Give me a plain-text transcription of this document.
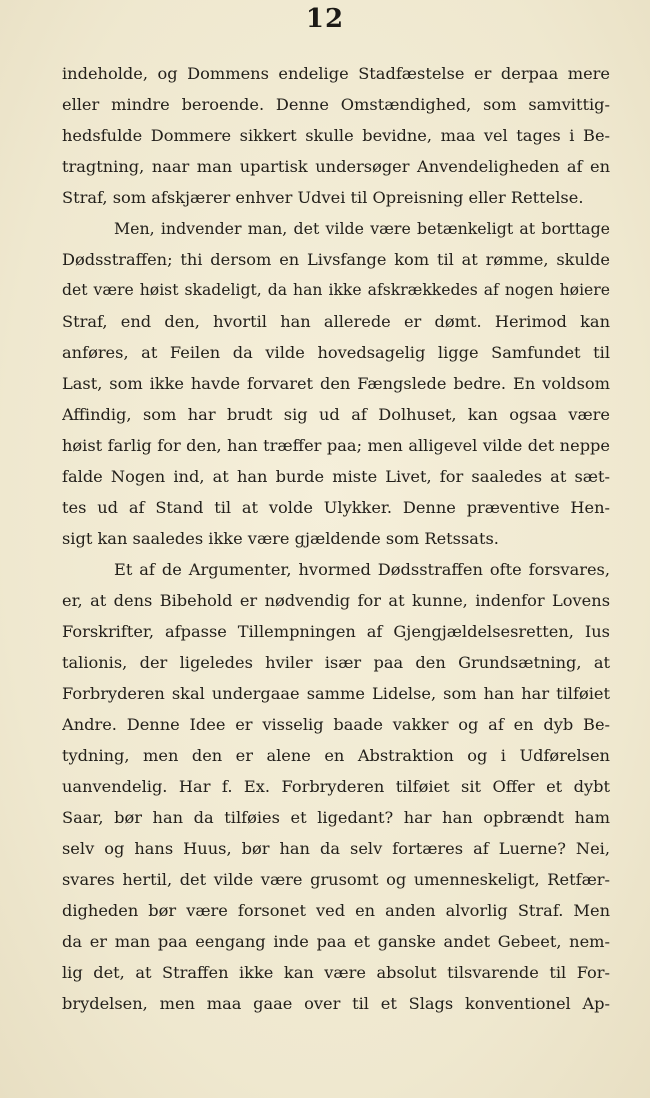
12
indeholde, og Dommens endelige Stadfæstelse er derpaa mere
eller mindre beroende. Denne Omstændighed, som samvittig-
hedsfulde Dommere sikkert skulle bevidne, maa vel tages i Be-
tragtning, naar man upartisk undersøger Anvendeligheden af en
Straf, som afskjærer enhver Udvei til Opreisning eller Rettelse.
Men, indvender man, det vilde være betænkeligt at borttage
Dødsstraffen; thi dersom en Livsfange kom til at rømme, skulde
det være høist skadeligt, da han ikke afskrækkedes af nogen høiere
Straf, end den, hvortil han allerede er dømt. Herimod kan
anføres, at Feilen da vilde hovedsagelig ligge Samfundet til
Last, som ikke havde forvaret den Fængslede bedre. En voldsom
Affindig, som har brudt sig ud af Dolhuset, kan ogsaa være
høist farlig for den, han træffer paa; men alligevel vilde det neppe
falde Nogen ind, at han burde miste Livet, for saaledes at sæt-
tes ud af Stand til at volde Ulykker. Denne præventive Hen-
sigt kan saaledes ikke være gjældende som Retssats.
Et af de Argumenter, hvormed Dødsstraffen ofte forsvares,
er, at dens Bibehold er nødvendig for at kunne, indenfor Lovens
Forskrifter, afpasse Tillempningen af Gjengjældelsesretten, Ius
talionis, der ligeledes hviler især paa den Grundsætning, at
Forbryderen skal undergaae samme Lidelse, som han har tilføiet
Andre. Denne Idee er visselig baade vakker og af en dyb Be-
tydning, men den er alene en Abstraktion og i Udførelsen
uanvendelig. Har f. Ex. Forbryderen tilføiet sit Offer et dybt
Saar, bør han da tilføies et ligedant? har han opbrændt ham
selv og hans Huus, bør han da selv fortæres af Luerne? Nei,
svares hertil, det vilde være grusomt og umenneskeligt, Retfær-
digheden bør være forsonet ved en anden alvorlig Straf. Men
da er man paa eengang inde paa et ganske andet Gebeet, nem-
lig det, at Straffen ikke kan være absolut tilsvarende til For-
brydelsen, men maa gaae over til et Slags konventionel Ap-
